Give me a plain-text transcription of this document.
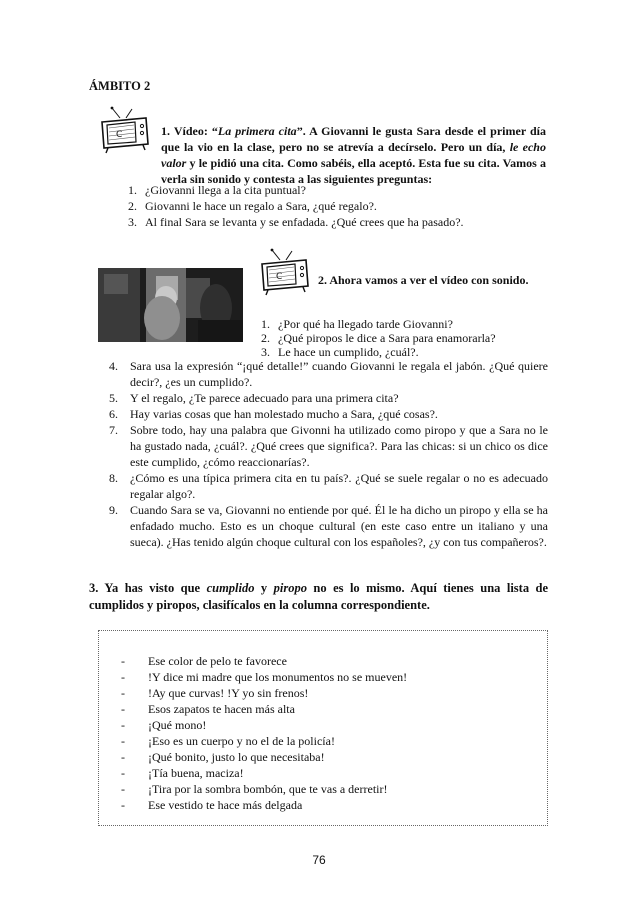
ÁMBITO 2
C	1. Vídeo: “La primera cita”. A Giovanni le gusta Sara desde el primer día que la vio en la clase, pero no se atrevía a decírselo. Pero un día, le echo valor y le pidió una cita. Como sabéis, ella aceptó. Esta fue su cita. Vamos a verla sin sonido y contesta a las siguientes preguntas:
1. ¿Giovanni llega a la cita puntual?
2. Giovanni le hace un regalo a Sara, ¿qué regalo?.
3. Al final Sara se levanta y se enfadada. ¿Qué crees que ha pasado?.
C	2. Ahora vamos a ver el vídeo con sonido.
1. ¿Por qué ha llegado tarde Giovanni?
2. ¿Qué piropos le dice a Sara para enamorarla?
3. Le hace un cumplido, ¿cuál?.
4. Sara usa la expresión “¡qué detalle!” cuando Giovanni le regala el jabón. ¿Qué quiere decir?, ¿es un cumplido?.
5. Y el regalo, ¿Te parece adecuado para una primera cita?
6. Hay varias cosas que han molestado mucho a Sara, ¿qué cosas?.
7. Sobre todo, hay una palabra que Givonni ha utilizado como piropo y que a Sara no le ha gustado nada, ¿cuál?. ¿Qué crees que significa?. Para las chicas: si un chico os dice este cumplido, ¿cómo reaccionarías?.
8. ¿Cómo es una típica primera cita en tu país?. ¿Qué se suele regalar o no es adecuado regalar algo?.
9. Cuando Sara se va, Giovanni no entiende por qué. Él le ha dicho un piropo y ella se ha enfadado mucho. Esto es un choque cultural (en este caso entre un italiano y una sueca). ¿Has tenido algún choque cultural con los españoles?, ¿y con tus compañeros?.
3. Ya has visto que cumplido y piropo no es lo mismo. Aquí tienes una lista de cumplidos y piropos, clasifícalos en la columna correspondiente.
- Ese color de pelo te favorece
- !Y dice mi madre que los monumentos no se mueven!
- !Ay que curvas! !Y yo sin frenos!
- Esos zapatos te hacen más alta
- ¡Qué mono!
- ¡Eso es un cuerpo y no el de la policía!
- ¡Qué bonito, justo lo que necesitaba!
- ¡Tía buena, maciza!
- ¡Tira por la sombra bombón, que te vas a derretir!
- Ese vestido te hace más delgada
76
